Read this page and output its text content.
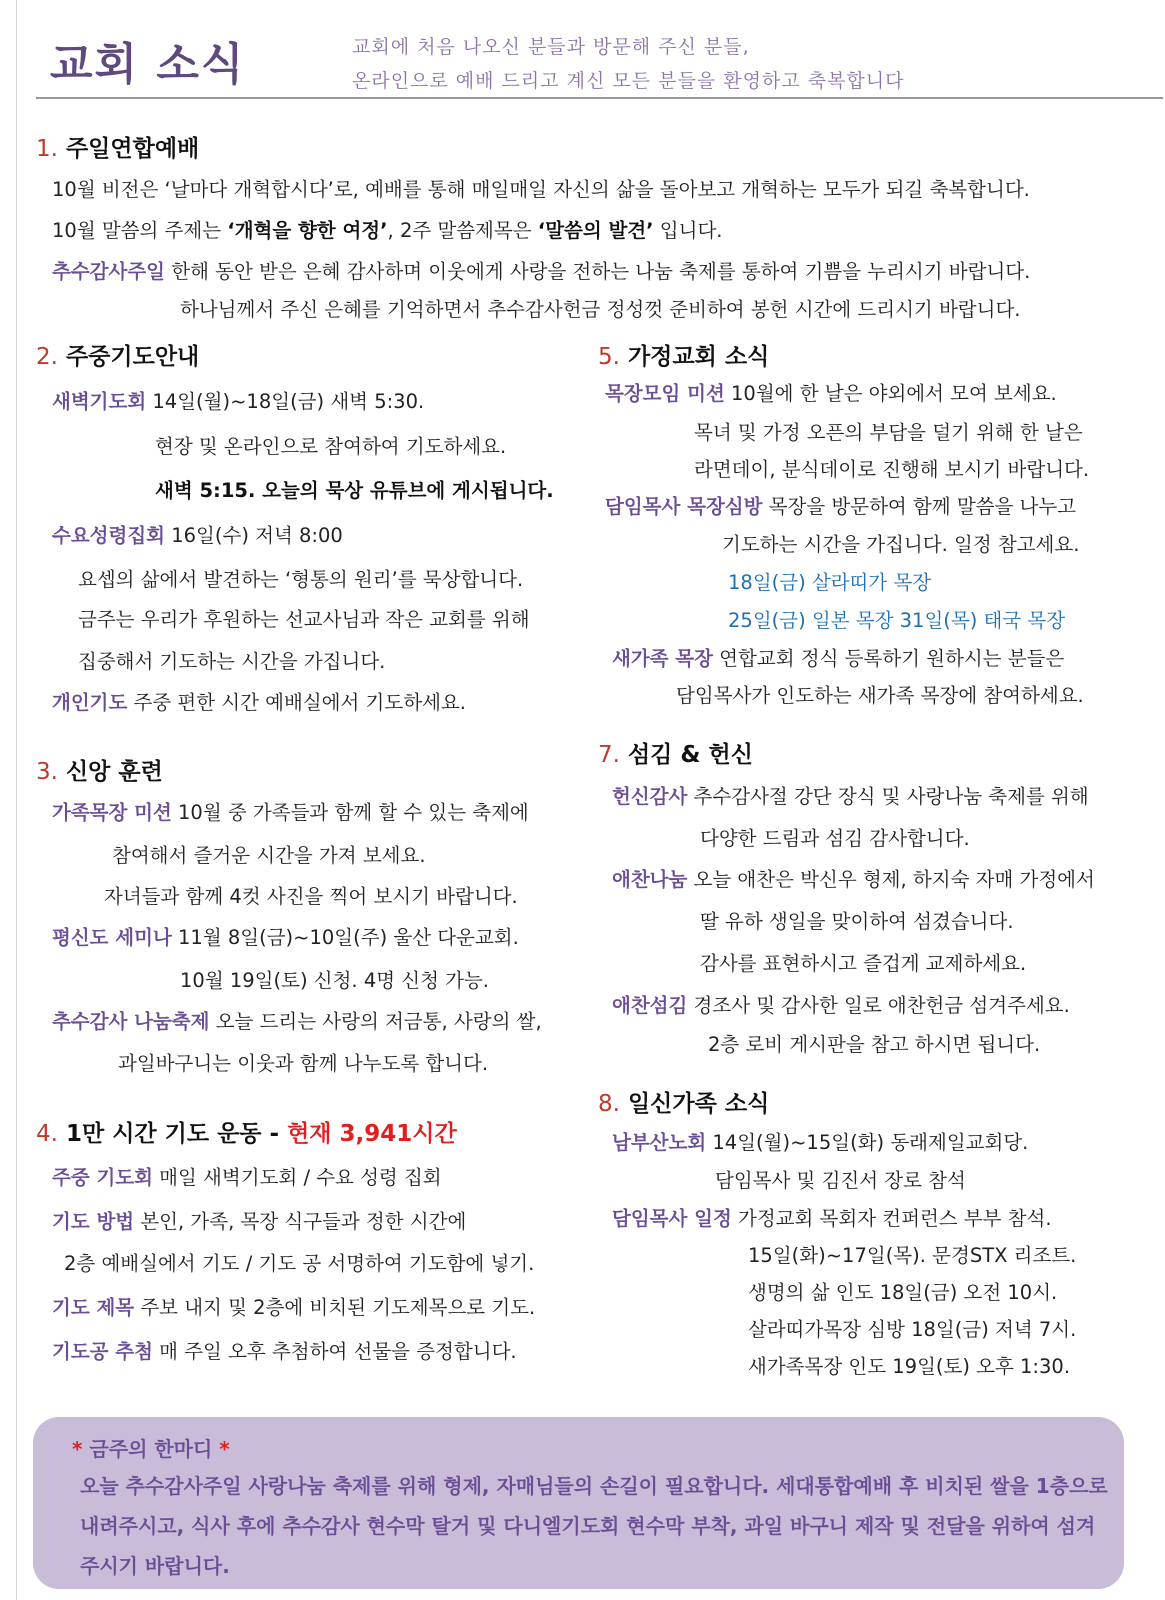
교회 소식	교회에 처음 나오신 분들과 방문해 주신 분들,
온라인으로 예배 드리고 계신 모든 분들을 환영하고 축복합니다
1. 주일연합예배
10월 비전은 ‘날마다 개혁합시다’로, 예배를 통해 매일매일 자신의 삶을 돌아보고 개혁하는 모두가 되길 축복합니다.
10월 말씀의 주제는 ‘개혁을 향한 여정’, 2주 말씀제목은 ‘말씀의 발견’ 입니다.
추수감사주일 한해 동안 받은 은혜 감사하며 이웃에게 사랑을 전하는 나눔 축제를 통하여 기쁨을 누리시기 바랍니다.
하나님께서 주신 은혜를 기억하면서 추수감사헌금 정성껏 준비하여 봉헌 시간에 드리시기 바랍니다.
2. 주중기도안내
새벽기도회 14일(월)~18일(금) 새벽 5:30.
현장 및 온라인으로 참여하여 기도하세요.
새벽 5:15. 오늘의 묵상 유튜브에 게시됩니다.
수요성령집회 16일(수) 저녁 8:00
요셉의 삶에서 발견하는 ‘형통의 원리’를 묵상합니다.
금주는 우리가 후원하는 선교사님과 작은 교회를 위해
집중해서 기도하는 시간을 가집니다.
개인기도 주중 편한 시간 예배실에서 기도하세요.
3. 신앙 훈련
가족목장 미션 10월 중 가족들과 함께 할 수 있는 축제에
참여해서 즐거운 시간을 가져 보세요.
자녀들과 함께 4컷 사진을 찍어 보시기 바랍니다.
평신도 세미나 11월 8일(금)~10일(주) 울산 다운교회.
10월 19일(토) 신청. 4명 신청 가능.
추수감사 나눔축제 오늘 드리는 사랑의 저금통, 사랑의 쌀,
과일바구니는 이웃과 함께 나누도록 합니다.
4. 1만 시간 기도 운동 - 현재 3,941시간
주중 기도회 매일 새벽기도회 / 수요 성령 집회
기도 방법 본인, 가족, 목장 식구들과 정한 시간에
2층 예배실에서 기도 / 기도 공 서명하여 기도함에 넣기.
기도 제목 주보 내지 및 2층에 비치된 기도제목으로 기도.
기도공 추첨 매 주일 오후 추첨하여 선물을 증정합니다.
5. 가정교회 소식
목장모임 미션 10월에 한 날은 야외에서 모여 보세요.
목녀 및 가정 오픈의 부담을 덜기 위해 한 날은
라면데이, 분식데이로 진행해 보시기 바랍니다.
담임목사 목장심방 목장을 방문하여 함께 말씀을 나누고
기도하는 시간을 가집니다. 일정 참고세요.
18일(금) 살라띠가 목장
25일(금) 일본 목장 31일(목) 태국 목장
새가족 목장 연합교회 정식 등록하기 원하시는 분들은
담임목사가 인도하는 새가족 목장에 참여하세요.
7. 섬김 & 헌신
헌신감사 추수감사절 강단 장식 및 사랑나눔 축제를 위해
다양한 드림과 섬김 감사합니다.
애찬나눔 오늘 애찬은 박신우 형제, 하지숙 자매 가정에서
딸 유하 생일을 맞이하여 섬겼습니다.
감사를 표현하시고 즐겁게 교제하세요.
애찬섬김 경조사 및 감사한 일로 애찬헌금 섬겨주세요.
2층 로비 게시판을 참고 하시면 됩니다.
8. 일신가족 소식
남부산노회 14일(월)~15일(화) 동래제일교회당.
담임목사 및 김진서 장로 참석
담임목사 일정 가정교회 목회자 컨퍼런스 부부 참석.
15일(화)~17일(목). 문경STX 리조트.
생명의 삶 인도 18일(금) 오전 10시.
살라띠가목장 심방 18일(금) 저녁 7시.
새가족목장 인도 19일(토) 오후 1:30.
* 금주의 한마디 *
오늘 추수감사주일 사랑나눔 축제를 위해 형제, 자매님들의 손길이 필요합니다. 세대통합예배 후 비치된 쌀을 1층으로 내려주시고, 식사 후에 추수감사 현수막 탈거 및 다니엘기도회 현수막 부착, 과일 바구니 제작 및 전달을 위하여 섬겨 주시기 바랍니다.
